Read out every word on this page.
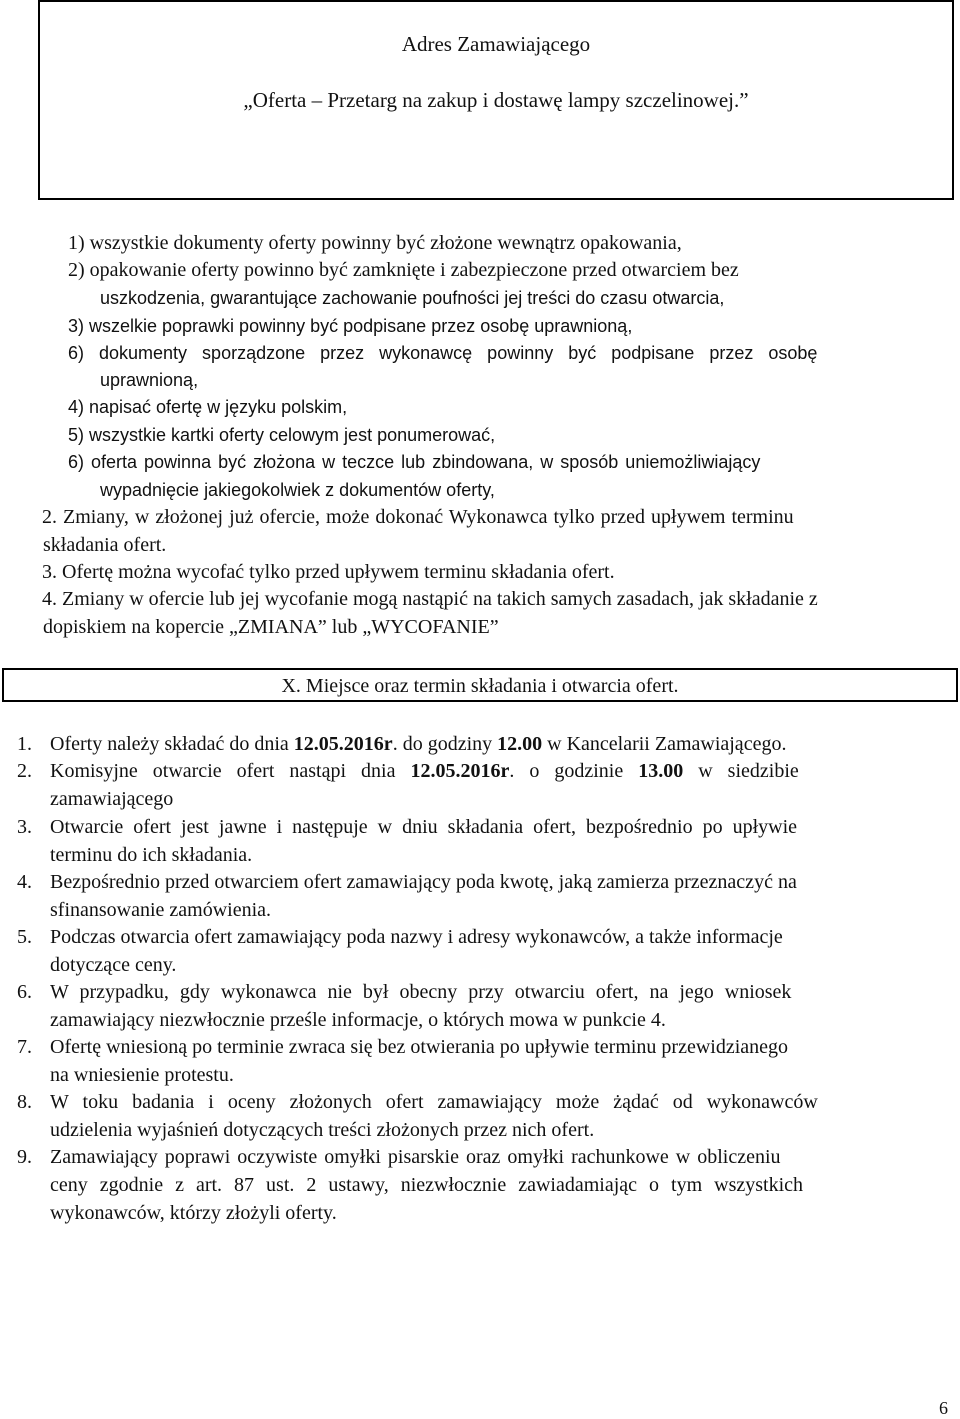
Adres Zamawiającego
„Oferta – Przetarg na zakup i dostawę lampy szczelinowej.”
1) wszystkie dokumenty oferty powinny być złożone wewnątrz opakowania,
2) opakowanie oferty powinno być zamknięte i zabezpieczone przed otwarciem bez
uszkodzenia, gwarantujące zachowanie poufności jej treści do czasu otwarcia,
3) wszelkie poprawki powinny być podpisane przez osobę uprawnioną,
6) dokumenty sporządzone przez wykonawcę powinny być podpisane przez osobę
uprawnioną,
4) napisać ofertę w języku polskim,
5) wszystkie kartki oferty celowym jest ponumerować,
6) oferta powinna być złożona w teczce lub zbindowana, w sposób uniemożliwiający
wypadnięcie jakiegokolwiek z dokumentów oferty,
2. Zmiany, w złożonej już ofercie, może dokonać Wykonawca tylko przed upływem terminu
składania ofert.
3. Ofertę można wycofać tylko przed upływem terminu składania ofert.
4. Zmiany w ofercie lub jej wycofanie mogą nastąpić na takich samych zasadach, jak składanie z
dopiskiem na kopercie „ZMIANA” lub „WYCOFANIE”
X. Miejsce oraz termin składania i otwarcia ofert.
1. Oferty należy składać do dnia 12.05.2016r. do godziny 12.00 w Kancelarii Zamawiającego.
2. Komisyjne otwarcie ofert nastąpi dnia 12.05.2016r. o godzinie 13.00 w siedzibie
zamawiającego
3. Otwarcie ofert jest jawne i następuje w dniu składania ofert, bezpośrednio po upływie
terminu do ich składania.
4. Bezpośrednio przed otwarciem ofert zamawiający poda kwotę, jaką zamierza przeznaczyć na
sfinansowanie zamówienia.
5. Podczas otwarcia ofert zamawiający poda nazwy i adresy wykonawców, a także informacje
dotyczące ceny.
6. W przypadku, gdy wykonawca nie był obecny przy otwarciu ofert, na jego wniosek
zamawiający niezwłocznie prześle informacje, o których mowa w punkcie 4.
7. Ofertę wniesioną po terminie zwraca się bez otwierania po upływie terminu przewidzianego
na wniesienie protestu.
8. W toku badania i oceny złożonych ofert zamawiający może żądać od wykonawców
udzielenia wyjaśnień dotyczących treści złożonych przez nich ofert.
9. Zamawiający poprawi oczywiste omyłki pisarskie oraz omyłki rachunkowe w obliczeniu
ceny zgodnie z art. 87 ust. 2 ustawy, niezwłocznie zawiadamiając o tym wszystkich
wykonawców, którzy złożyli oferty.
6
